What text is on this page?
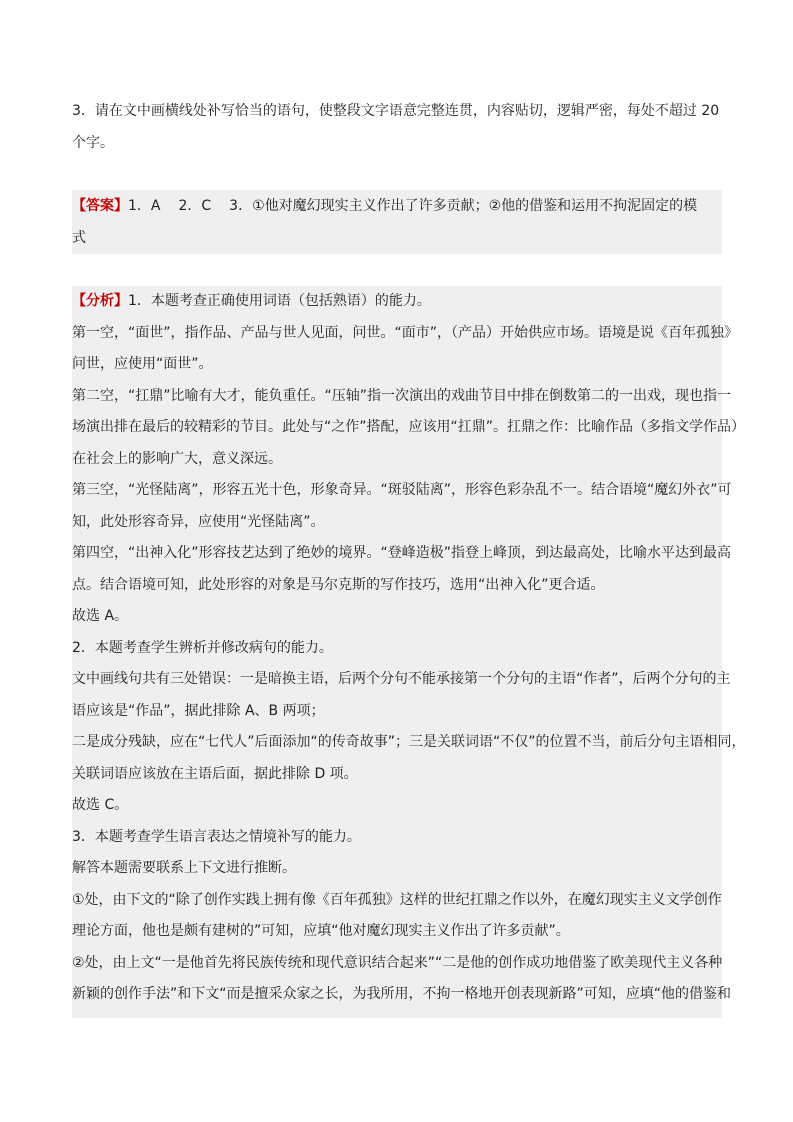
3．请在文中画横线处补写恰当的语句，使整段文字语意完整连贯，内容贴切，逻辑严密，每处不超过 20
个字。
【答案】1．A 2．C 3．①他对魔幻现实主义作出了许多贡献；②他的借鉴和运用不拘泥固定的模
式
【分析】1．本题考查正确使用词语（包括熟语）的能力。
第一空，“面世”，指作品、产品与世人见面，问世。“面市”，（产品）开始供应市场。语境是说《百年孤独》
问世，应使用“面世”。
第二空，“扛鼎”比喻有大才，能负重任。“压轴”指一次演出的戏曲节目中排在倒数第二的一出戏，现也指一
场演出排在最后的较精彩的节目。此处与“之作”搭配，应该用“扛鼎”。扛鼎之作：比喻作品（多指文学作品）
在社会上的影响广大，意义深远。
第三空，“光怪陆离”，形容五光十色，形象奇异。“斑驳陆离”，形容色彩杂乱不一。结合语境“魔幻外衣”可
知，此处形容奇异，应使用“光怪陆离”。
第四空，“出神入化”形容技艺达到了绝妙的境界。“登峰造极”指登上峰顶，到达最高处，比喻水平达到最高
点。结合语境可知，此处形容的对象是马尔克斯的写作技巧，选用“出神入化”更合适。
故选 A。
2．本题考查学生辨析并修改病句的能力。
文中画线句共有三处错误：一是暗换主语，后两个分句不能承接第一个分句的主语“作者”，后两个分句的主
语应该是“作品”，据此排除 A、B 两项；
二是成分残缺，应在“七代人”后面添加“的传奇故事”；三是关联词语“不仅”的位置不当，前后分句主语相同，
关联词语应该放在主语后面，据此排除 D 项。
故选 C。
3．本题考查学生语言表达之情境补写的能力。
解答本题需要联系上下文进行推断。
①处，由下文的“除了创作实践上拥有像《百年孤独》这样的世纪扛鼎之作以外，在魔幻现实主义文学创作
理论方面，他也是颇有建树的”可知，应填“他对魔幻现实主义作出了许多贡献”。
②处，由上文“一是他首先将民族传统和现代意识结合起来”“二是他的创作成功地借鉴了欧美现代主义各种
新颖的创作手法”和下文“而是擅采众家之长，为我所用，不拘一格地开创表现新路”可知，应填“他的借鉴和
